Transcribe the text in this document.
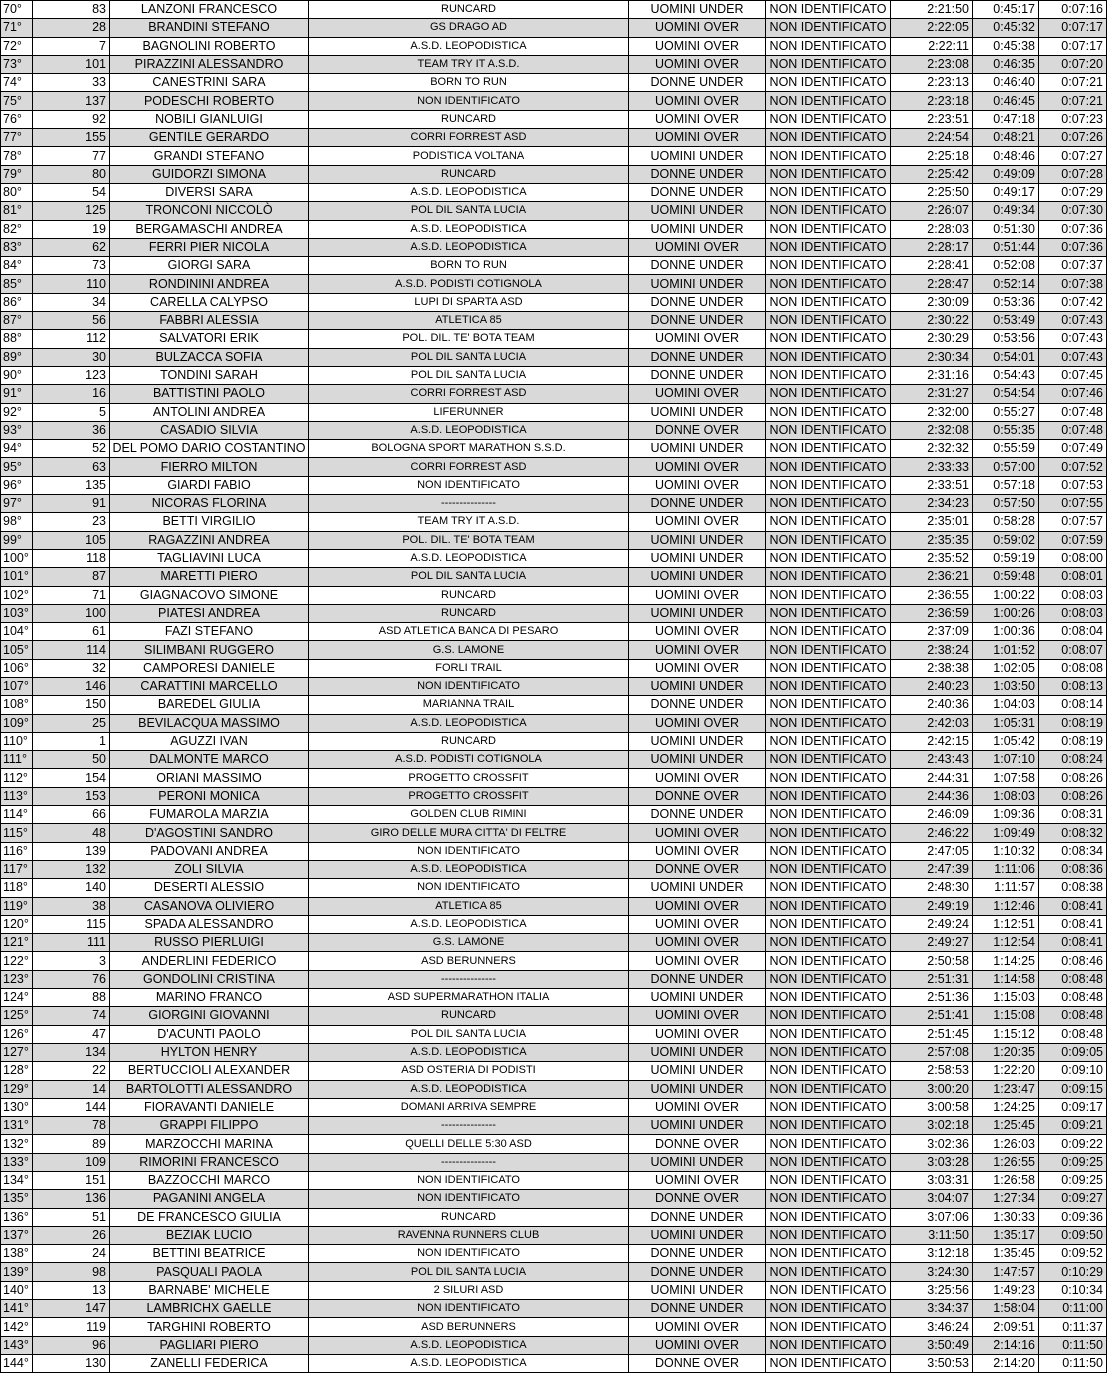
70°	83	LANZONI FRANCESCO	RUNCARD	UOMINI UNDER	NON IDENTIFICATO	2:21:50	0:45:17	0:07:16
71°	28	BRANDINI STEFANO	GS DRAGO AD	UOMINI OVER	NON IDENTIFICATO	2:22:05	0:45:32	0:07:17
72°	7	BAGNOLINI ROBERTO	A.S.D. LEOPODISTICA	UOMINI OVER	NON IDENTIFICATO	2:22:11	0:45:38	0:07:17
73°	101	PIRAZZINI ALESSANDRO	TEAM TRY IT A.S.D.	UOMINI OVER	NON IDENTIFICATO	2:23:08	0:46:35	0:07:20
74°	33	CANESTRINI SARA	BORN TO RUN	DONNE UNDER	NON IDENTIFICATO	2:23:13	0:46:40	0:07:21
75°	137	PODESCHI ROBERTO	NON IDENTIFICATO	UOMINI OVER	NON IDENTIFICATO	2:23:18	0:46:45	0:07:21
76°	92	NOBILI GIANLUIGI	RUNCARD	UOMINI OVER	NON IDENTIFICATO	2:23:51	0:47:18	0:07:23
77°	155	GENTILE GERARDO	CORRI FORREST ASD	UOMINI OVER	NON IDENTIFICATO	2:24:54	0:48:21	0:07:26
78°	77	GRANDI STEFANO	PODISTICA VOLTANA	UOMINI UNDER	NON IDENTIFICATO	2:25:18	0:48:46	0:07:27
79°	80	GUIDORZI SIMONA	RUNCARD	DONNE UNDER	NON IDENTIFICATO	2:25:42	0:49:09	0:07:28
80°	54	DIVERSI SARA	A.S.D. LEOPODISTICA	DONNE UNDER	NON IDENTIFICATO	2:25:50	0:49:17	0:07:29
81°	125	TRONCONI NICCOLÒ	POL DIL SANTA LUCIA	UOMINI UNDER	NON IDENTIFICATO	2:26:07	0:49:34	0:07:30
82°	19	BERGAMASCHI ANDREA	A.S.D. LEOPODISTICA	UOMINI UNDER	NON IDENTIFICATO	2:28:03	0:51:30	0:07:36
83°	62	FERRI PIER NICOLA	A.S.D. LEOPODISTICA	UOMINI OVER	NON IDENTIFICATO	2:28:17	0:51:44	0:07:36
84°	73	GIORGI SARA	BORN TO RUN	DONNE UNDER	NON IDENTIFICATO	2:28:41	0:52:08	0:07:37
85°	110	RONDININI ANDREA	A.S.D. PODISTI COTIGNOLA	UOMINI UNDER	NON IDENTIFICATO	2:28:47	0:52:14	0:07:38
86°	34	CARELLA CALYPSO	LUPI DI SPARTA ASD	DONNE UNDER	NON IDENTIFICATO	2:30:09	0:53:36	0:07:42
87°	56	FABBRI ALESSIA	ATLETICA 85	DONNE UNDER	NON IDENTIFICATO	2:30:22	0:53:49	0:07:43
88°	112	SALVATORI ERIK	POL. DIL. TE' BOTA TEAM	UOMINI OVER	NON IDENTIFICATO	2:30:29	0:53:56	0:07:43
89°	30	BULZACCA SOFIA	POL DIL SANTA LUCIA	DONNE UNDER	NON IDENTIFICATO	2:30:34	0:54:01	0:07:43
90°	123	TONDINI SARAH	POL DIL SANTA LUCIA	DONNE UNDER	NON IDENTIFICATO	2:31:16	0:54:43	0:07:45
91°	16	BATTISTINI PAOLO	CORRI FORREST ASD	UOMINI OVER	NON IDENTIFICATO	2:31:27	0:54:54	0:07:46
92°	5	ANTOLINI ANDREA	LIFERUNNER	UOMINI UNDER	NON IDENTIFICATO	2:32:00	0:55:27	0:07:48
93°	36	CASADIO SILVIA	A.S.D. LEOPODISTICA	DONNE OVER	NON IDENTIFICATO	2:32:08	0:55:35	0:07:48
94°	52	DEL POMO DARIO COSTANTINO	BOLOGNA SPORT MARATHON S.S.D.	UOMINI UNDER	NON IDENTIFICATO	2:32:32	0:55:59	0:07:49
95°	63	FIERRO MILTON	CORRI FORREST ASD	UOMINI OVER	NON IDENTIFICATO	2:33:33	0:57:00	0:07:52
96°	135	GIARDI FABIO	NON IDENTIFICATO	UOMINI OVER	NON IDENTIFICATO	2:33:51	0:57:18	0:07:53
97°	91	NICORAS FLORINA	---------------	DONNE UNDER	NON IDENTIFICATO	2:34:23	0:57:50	0:07:55
98°	23	BETTI VIRGILIO	TEAM TRY IT A.S.D.	UOMINI OVER	NON IDENTIFICATO	2:35:01	0:58:28	0:07:57
99°	105	RAGAZZINI ANDREA	POL. DIL. TE' BOTA TEAM	UOMINI UNDER	NON IDENTIFICATO	2:35:35	0:59:02	0:07:59
100°	118	TAGLIAVINI LUCA	A.S.D. LEOPODISTICA	UOMINI UNDER	NON IDENTIFICATO	2:35:52	0:59:19	0:08:00
101°	87	MARETTI PIERO	POL DIL SANTA LUCIA	UOMINI UNDER	NON IDENTIFICATO	2:36:21	0:59:48	0:08:01
102°	71	GIAGNACOVO SIMONE	RUNCARD	UOMINI OVER	NON IDENTIFICATO	2:36:55	1:00:22	0:08:03
103°	100	PIATESI ANDREA	RUNCARD	UOMINI UNDER	NON IDENTIFICATO	2:36:59	1:00:26	0:08:03
104°	61	FAZI STEFANO	ASD ATLETICA BANCA DI PESARO	UOMINI OVER	NON IDENTIFICATO	2:37:09	1:00:36	0:08:04
105°	114	SILIMBANI RUGGERO	G.S. LAMONE	UOMINI OVER	NON IDENTIFICATO	2:38:24	1:01:52	0:08:07
106°	32	CAMPORESI DANIELE	FORLI TRAIL	UOMINI OVER	NON IDENTIFICATO	2:38:38	1:02:05	0:08:08
107°	146	CARATTINI MARCELLO	NON IDENTIFICATO	UOMINI UNDER	NON IDENTIFICATO	2:40:23	1:03:50	0:08:13
108°	150	BAREDEL GIULIA	MARIANNA TRAIL	DONNE UNDER	NON IDENTIFICATO	2:40:36	1:04:03	0:08:14
109°	25	BEVILACQUA MASSIMO	A.S.D. LEOPODISTICA	UOMINI OVER	NON IDENTIFICATO	2:42:03	1:05:31	0:08:19
110°	1	AGUZZI IVAN	RUNCARD	UOMINI UNDER	NON IDENTIFICATO	2:42:15	1:05:42	0:08:19
111°	50	DALMONTE MARCO	A.S.D. PODISTI COTIGNOLA	UOMINI UNDER	NON IDENTIFICATO	2:43:43	1:07:10	0:08:24
112°	154	ORIANI MASSIMO	PROGETTO CROSSFIT	UOMINI OVER	NON IDENTIFICATO	2:44:31	1:07:58	0:08:26
113°	153	PERONI MONICA	PROGETTO CROSSFIT	DONNE OVER	NON IDENTIFICATO	2:44:36	1:08:03	0:08:26
114°	66	FUMAROLA MARZIA	GOLDEN CLUB RIMINI	DONNE UNDER	NON IDENTIFICATO	2:46:09	1:09:36	0:08:31
115°	48	D'AGOSTINI SANDRO	GIRO DELLE MURA CITTA' DI FELTRE	UOMINI OVER	NON IDENTIFICATO	2:46:22	1:09:49	0:08:32
116°	139	PADOVANI ANDREA	NON IDENTIFICATO	UOMINI OVER	NON IDENTIFICATO	2:47:05	1:10:32	0:08:34
117°	132	ZOLI SILVIA	A.S.D. LEOPODISTICA	DONNE OVER	NON IDENTIFICATO	2:47:39	1:11:06	0:08:36
118°	140	DESERTI ALESSIO	NON IDENTIFICATO	UOMINI UNDER	NON IDENTIFICATO	2:48:30	1:11:57	0:08:38
119°	38	CASANOVA OLIVIERO	ATLETICA 85	UOMINI OVER	NON IDENTIFICATO	2:49:19	1:12:46	0:08:41
120°	115	SPADA ALESSANDRO	A.S.D. LEOPODISTICA	UOMINI OVER	NON IDENTIFICATO	2:49:24	1:12:51	0:08:41
121°	111	RUSSO PIERLUIGI	G.S. LAMONE	UOMINI OVER	NON IDENTIFICATO	2:49:27	1:12:54	0:08:41
122°	3	ANDERLINI FEDERICO	ASD BERUNNERS	UOMINI OVER	NON IDENTIFICATO	2:50:58	1:14:25	0:08:46
123°	76	GONDOLINI CRISTINA	---------------	DONNE UNDER	NON IDENTIFICATO	2:51:31	1:14:58	0:08:48
124°	88	MARINO FRANCO	ASD SUPERMARATHON ITALIA	UOMINI UNDER	NON IDENTIFICATO	2:51:36	1:15:03	0:08:48
125°	74	GIORGINI GIOVANNI	RUNCARD	UOMINI OVER	NON IDENTIFICATO	2:51:41	1:15:08	0:08:48
126°	47	D'ACUNTI PAOLO	POL DIL SANTA LUCIA	UOMINI OVER	NON IDENTIFICATO	2:51:45	1:15:12	0:08:48
127°	134	HYLTON HENRY	A.S.D. LEOPODISTICA	UOMINI UNDER	NON IDENTIFICATO	2:57:08	1:20:35	0:09:05
128°	22	BERTUCCIOLI ALEXANDER	ASD OSTERIA DI PODISTI	UOMINI UNDER	NON IDENTIFICATO	2:58:53	1:22:20	0:09:10
129°	14	BARTOLOTTI ALESSANDRO	A.S.D. LEOPODISTICA	UOMINI UNDER	NON IDENTIFICATO	3:00:20	1:23:47	0:09:15
130°	144	FIORAVANTI DANIELE	DOMANI ARRIVA SEMPRE	UOMINI OVER	NON IDENTIFICATO	3:00:58	1:24:25	0:09:17
131°	78	GRAPPI FILIPPO	---------------	UOMINI UNDER	NON IDENTIFICATO	3:02:18	1:25:45	0:09:21
132°	89	MARZOCCHI MARINA	QUELLI DELLE 5:30 ASD	DONNE OVER	NON IDENTIFICATO	3:02:36	1:26:03	0:09:22
133°	109	RIMORINI FRANCESCO	---------------	UOMINI UNDER	NON IDENTIFICATO	3:03:28	1:26:55	0:09:25
134°	151	BAZZOCCHI MARCO	NON IDENTIFICATO	UOMINI OVER	NON IDENTIFICATO	3:03:31	1:26:58	0:09:25
135°	136	PAGANINI ANGELA	NON IDENTIFICATO	DONNE OVER	NON IDENTIFICATO	3:04:07	1:27:34	0:09:27
136°	51	DE FRANCESCO GIULIA	RUNCARD	DONNE UNDER	NON IDENTIFICATO	3:07:06	1:30:33	0:09:36
137°	26	BEZIAK LUCIO	RAVENNA RUNNERS CLUB	UOMINI UNDER	NON IDENTIFICATO	3:11:50	1:35:17	0:09:50
138°	24	BETTINI BEATRICE	NON IDENTIFICATO	DONNE UNDER	NON IDENTIFICATO	3:12:18	1:35:45	0:09:52
139°	98	PASQUALI PAOLA	POL DIL SANTA LUCIA	DONNE UNDER	NON IDENTIFICATO	3:24:30	1:47:57	0:10:29
140°	13	BARNABE' MICHELE	2 SILURI ASD	UOMINI UNDER	NON IDENTIFICATO	3:25:56	1:49:23	0:10:34
141°	147	LAMBRICHX GAELLE	NON IDENTIFICATO	DONNE UNDER	NON IDENTIFICATO	3:34:37	1:58:04	0:11:00
142°	119	TARGHINI ROBERTO	ASD BERUNNERS	UOMINI OVER	NON IDENTIFICATO	3:46:24	2:09:51	0:11:37
143°	96	PAGLIARI PIERO	A.S.D. LEOPODISTICA	UOMINI OVER	NON IDENTIFICATO	3:50:49	2:14:16	0:11:50
144°	130	ZANELLI FEDERICA	A.S.D. LEOPODISTICA	DONNE OVER	NON IDENTIFICATO	3:50:53	2:14:20	0:11:50
